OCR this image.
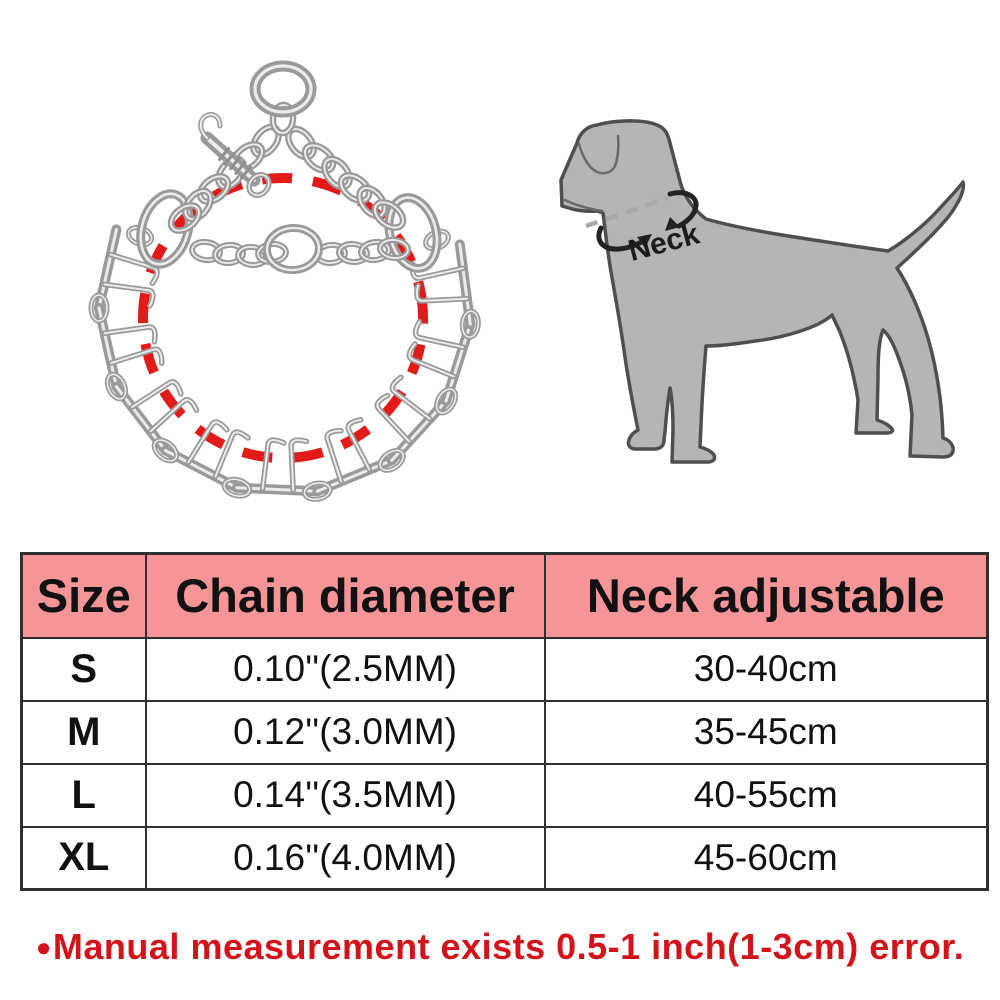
Neck
Size	Chain diameter	Neck adjustable
S	0.10''(2.5MM)	30-40cm
M	0.12''(3.0MM)	35-45cm
L	0.14''(3.5MM)	40-55cm
XL	0.16''(4.0MM)	45-60cm
●Manual measurement exists 0.5-1 inch(1-3cm) error.
